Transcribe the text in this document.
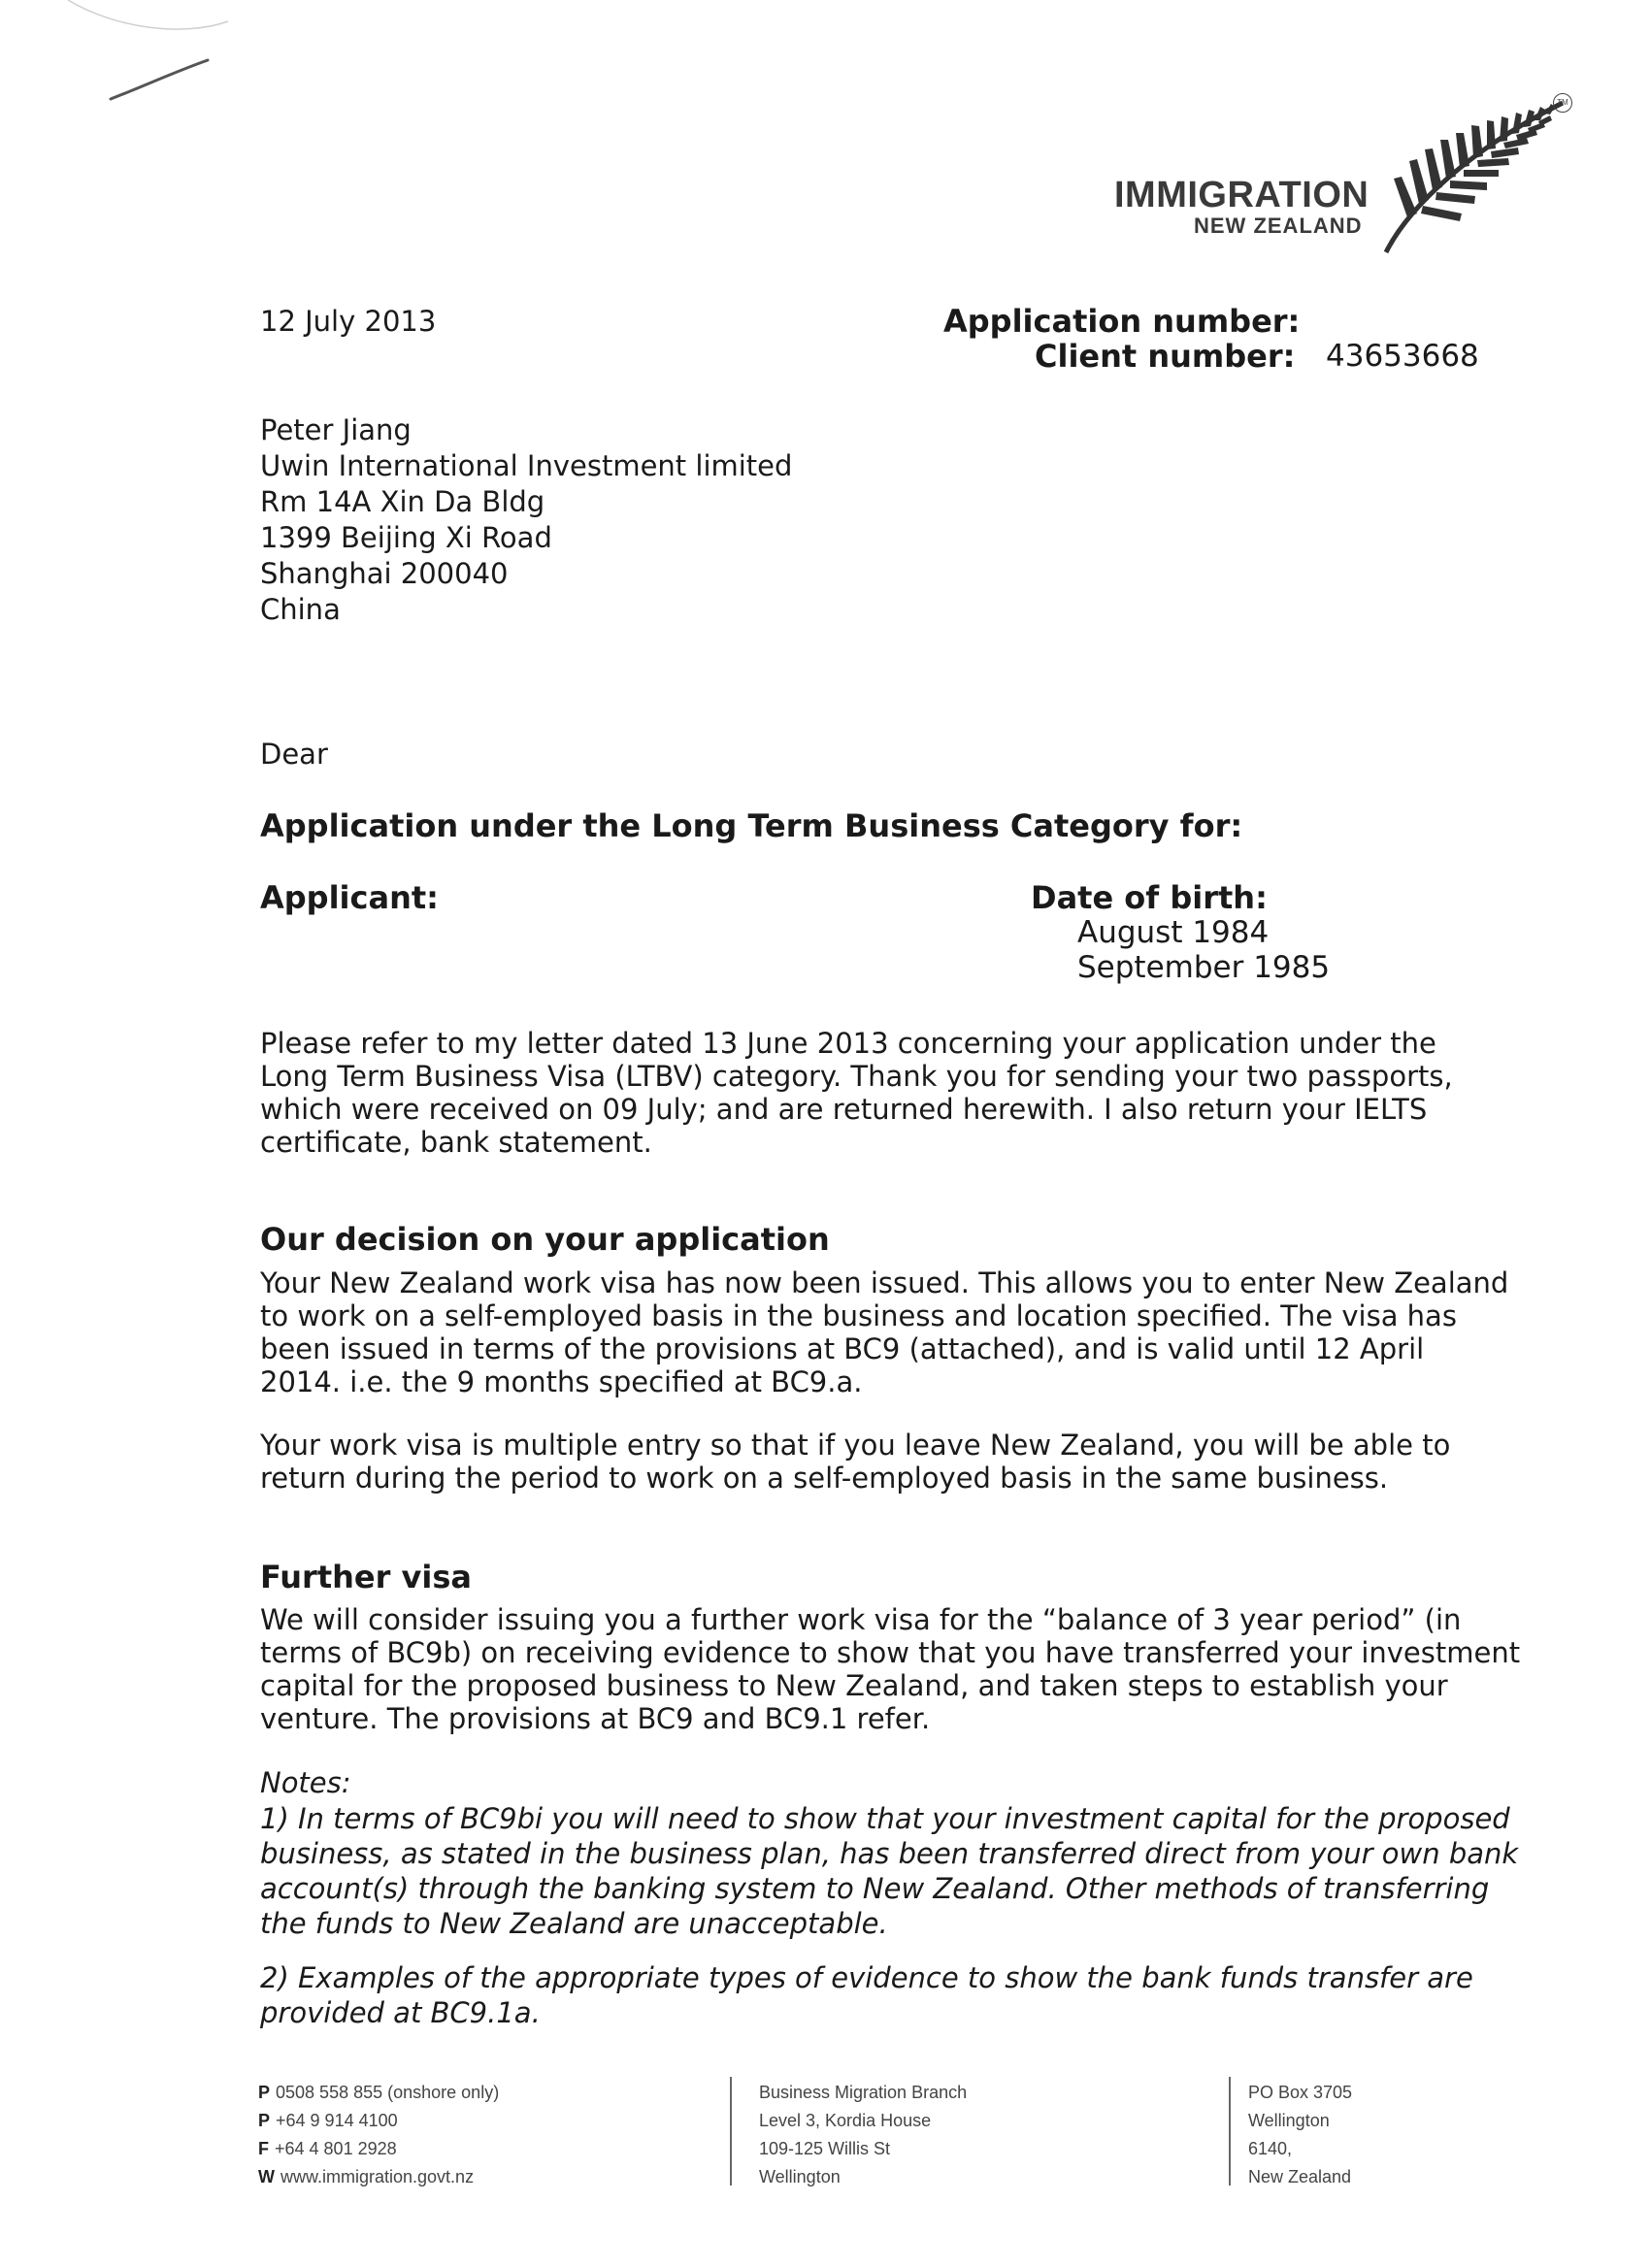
IMMIGRATION
NEW ZEALAND
TM
12 July 2013	Application number:
Client number: 43653668
Peter Jiang
Uwin International Investment limited
Rm 14A Xin Da Bldg
1399 Beijing Xi Road
Shanghai 200040
China
Dear
Application under the Long Term Business Category for:
Applicant:	Date of birth:
August 1984
September 1985
Please refer to my letter dated 13 June 2013 concerning your application under the
Long Term Business Visa (LTBV) category. Thank you for sending your two passports,
which were received on 09 July; and are returned herewith. I also return your IELTS
certificate, bank statement.
Our decision on your application
Your New Zealand work visa has now been issued. This allows you to enter New Zealand
to work on a self-employed basis in the business and location specified. The visa has
been issued in terms of the provisions at BC9 (attached), and is valid until 12 April
2014. i.e. the 9 months specified at BC9.a.
Your work visa is multiple entry so that if you leave New Zealand, you will be able to
return during the period to work on a self-employed basis in the same business.
Further visa
We will consider issuing you a further work visa for the “balance of 3 year period” (in
terms of BC9b) on receiving evidence to show that you have transferred your investment
capital for the proposed business to New Zealand, and taken steps to establish your
venture. The provisions at BC9 and BC9.1 refer.
Notes:
1) In terms of BC9bi you will need to show that your investment capital for the proposed
business, as stated in the business plan, has been transferred direct from your own bank
account(s) through the banking system to New Zealand. Other methods of transferring
the funds to New Zealand are unacceptable.
2) Examples of the appropriate types of evidence to show the bank funds transfer are
provided at BC9.1a.
P 0508 558 855 (onshore only)
P +64 9 914 4100
F +64 4 801 2928
W www.immigration.govt.nz
Business Migration Branch
Level 3, Kordia House
109-125 Willis St
Wellington
PO Box 3705
Wellington
6140,
New Zealand
